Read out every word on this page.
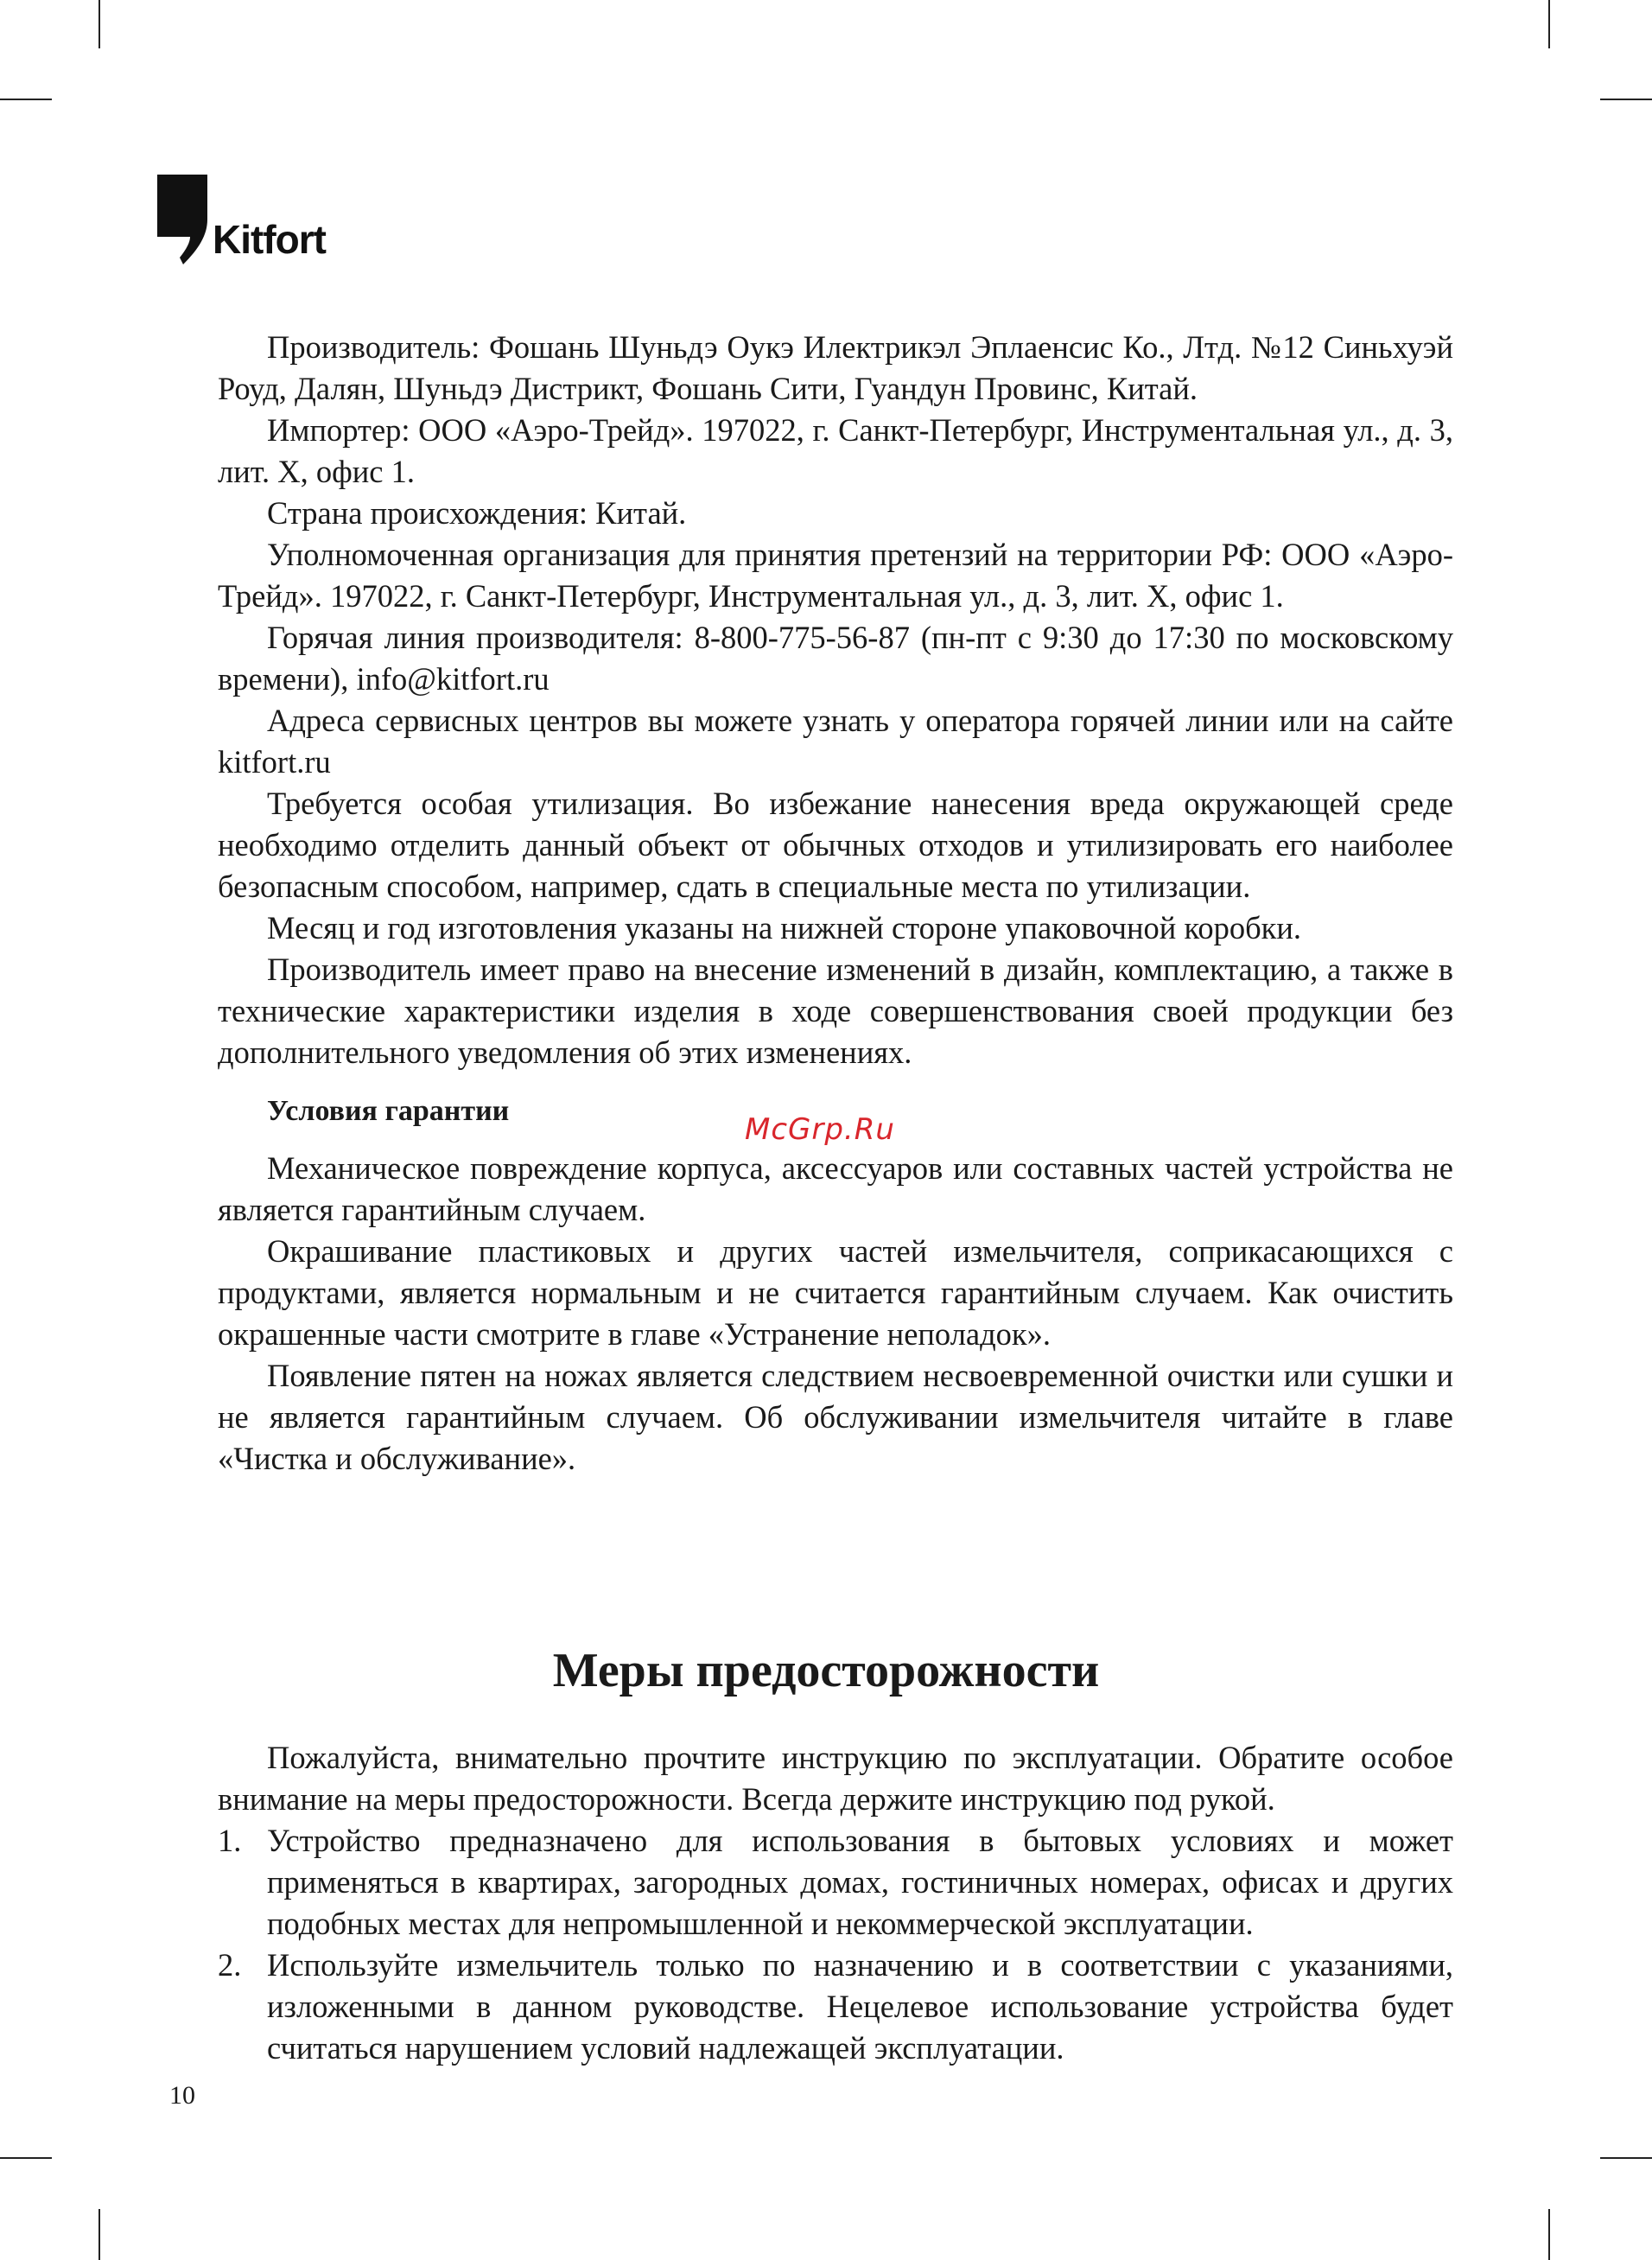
Kitfort

Производитель: Фошань Шуньдэ Оукэ Илектрикэл Эплаенсис Ко., Лтд. №12 Синьхуэй Роуд, Далян, Шуньдэ Дистрикт, Фошань Сити, Гуандун Провинс, Китай.

Импортер: ООО «Аэро-Трейд». 197022, г. Санкт-Петербург, Инструментальная ул., д. 3, лит. Х, офис 1.

Страна происхождения: Китай.

Уполномоченная организация для принятия претензий на территории РФ: ООО «Аэро-Трейд». 197022, г. Санкт-Петербург, Инструментальная ул., д. 3, лит. Х, офис 1.

Горячая линия производителя: 8-800-775-56-87 (пн-пт с 9:30 до 17:30 по московскому времени), info@kitfort.ru

Адреса сервисных центров вы можете узнать у оператора горячей линии или на сайте kitfort.ru

Требуется особая утилизация. Во избежание нанесения вреда окружающей среде необходимо отделить данный объект от обычных отходов и утилизировать его наиболее безопасным способом, например, сдать в специальные места по утилизации.

Месяц и год изготовления указаны на нижней стороне упаковочной коробки.

Производитель имеет право на внесение изменений в дизайн, комплектацию, а также в технические характеристики изделия в ходе совершенствования своей продукции без дополнительного уведомления об этих изменениях.

Условия гарантии

Механическое повреждение корпуса, аксессуаров или составных частей устройства не является гарантийным случаем.

Окрашивание пластиковых и других частей измельчителя, соприкасающихся с продуктами, является нормальным и не считается гарантийным случаем. Как очистить окрашенные части смотрите в главе «Устранение неполадок».

Появление пятен на ножах является следствием несвоевременной очистки или сушки и не является гарантийным случаем. Об обслуживании измельчителя читайте в главе «Чистка и обслуживание».

McGrp.Ru
Меры предосторожности

Пожалуйста, внимательно прочтите инструкцию по эксплуатации. Обратите особое внимание на меры предосторожности. Всегда держите инструкцию под рукой.

1. Устройство предназначено для использования в бытовых условиях и может применяться в квартирах, загородных домах, гостиничных номерах, офисах и других подобных местах для непромышленной и некоммерческой эксплуатации.
2. Используйте измельчитель только по назначению и в соответствии с указаниями, изложенными в данном руководстве. Нецелевое использование устройства будет считаться нарушением условий надлежащей эксплуатации.
10
